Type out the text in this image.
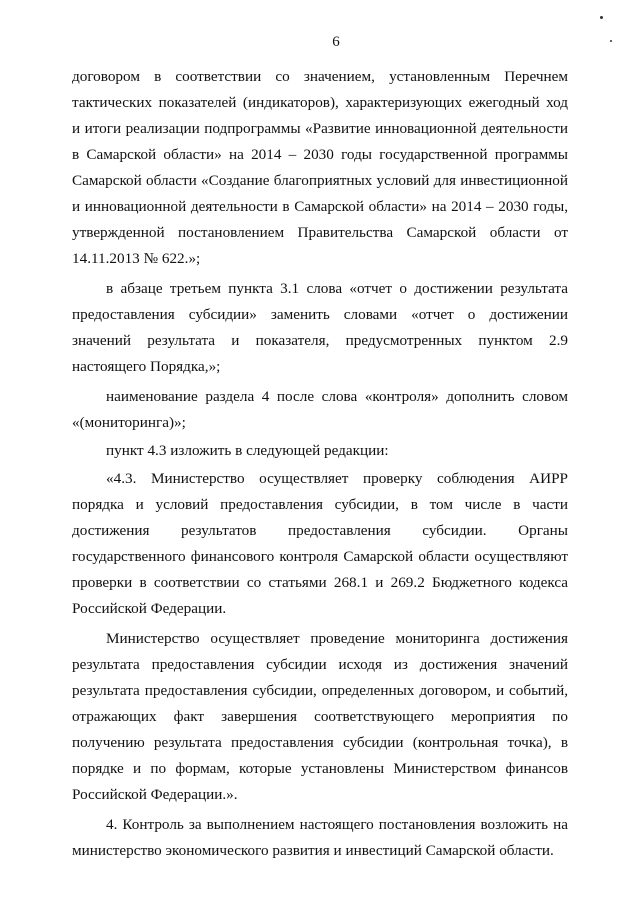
6
договором в соответствии со значением, установленным Перечнем
тактических показателей (индикаторов), характеризующих ежегодный ход
и итоги реализации подпрограммы «Развитие инновационной деятельности
в Самарской области» на 2014 – 2030 годы государственной программы
Самарской области «Создание благоприятных условий для инвестиционной
и инновационной деятельности в Самарской области» на 2014 – 2030 годы,
утвержденной постановлением Правительства Самарской области от
14.11.2013 № 622.»;
в абзаце третьем пункта 3.1 слова «отчет о достижении результата
предоставления субсидии» заменить словами «отчет о достижении
значений результата и показателя, предусмотренных пунктом 2.9
настоящего Порядка,»;
наименование раздела 4 после слова «контроля» дополнить словом
«(мониторинга)»;
пункт 4.3 изложить в следующей редакции:
«4.3. Министерство осуществляет проверку соблюдения АИРР
порядка и условий предоставления субсидии, в том числе в части
достижения результатов предоставления субсидии. Органы
государственного финансового контроля Самарской области осуществляют
проверки в соответствии со статьями 268.1 и 269.2 Бюджетного кодекса
Российской Федерации.
Министерство осуществляет проведение мониторинга достижения
результата предоставления субсидии исходя из достижения значений
результата предоставления субсидии, определенных договором, и событий,
отражающих факт завершения соответствующего мероприятия по
получению результата предоставления субсидии (контрольная точка), в
порядке и по формам, которые установлены Министерством финансов
Российской Федерации.».
4. Контроль за выполнением настоящего постановления возложить на
министерство экономического развития и инвестиций Самарской области.
